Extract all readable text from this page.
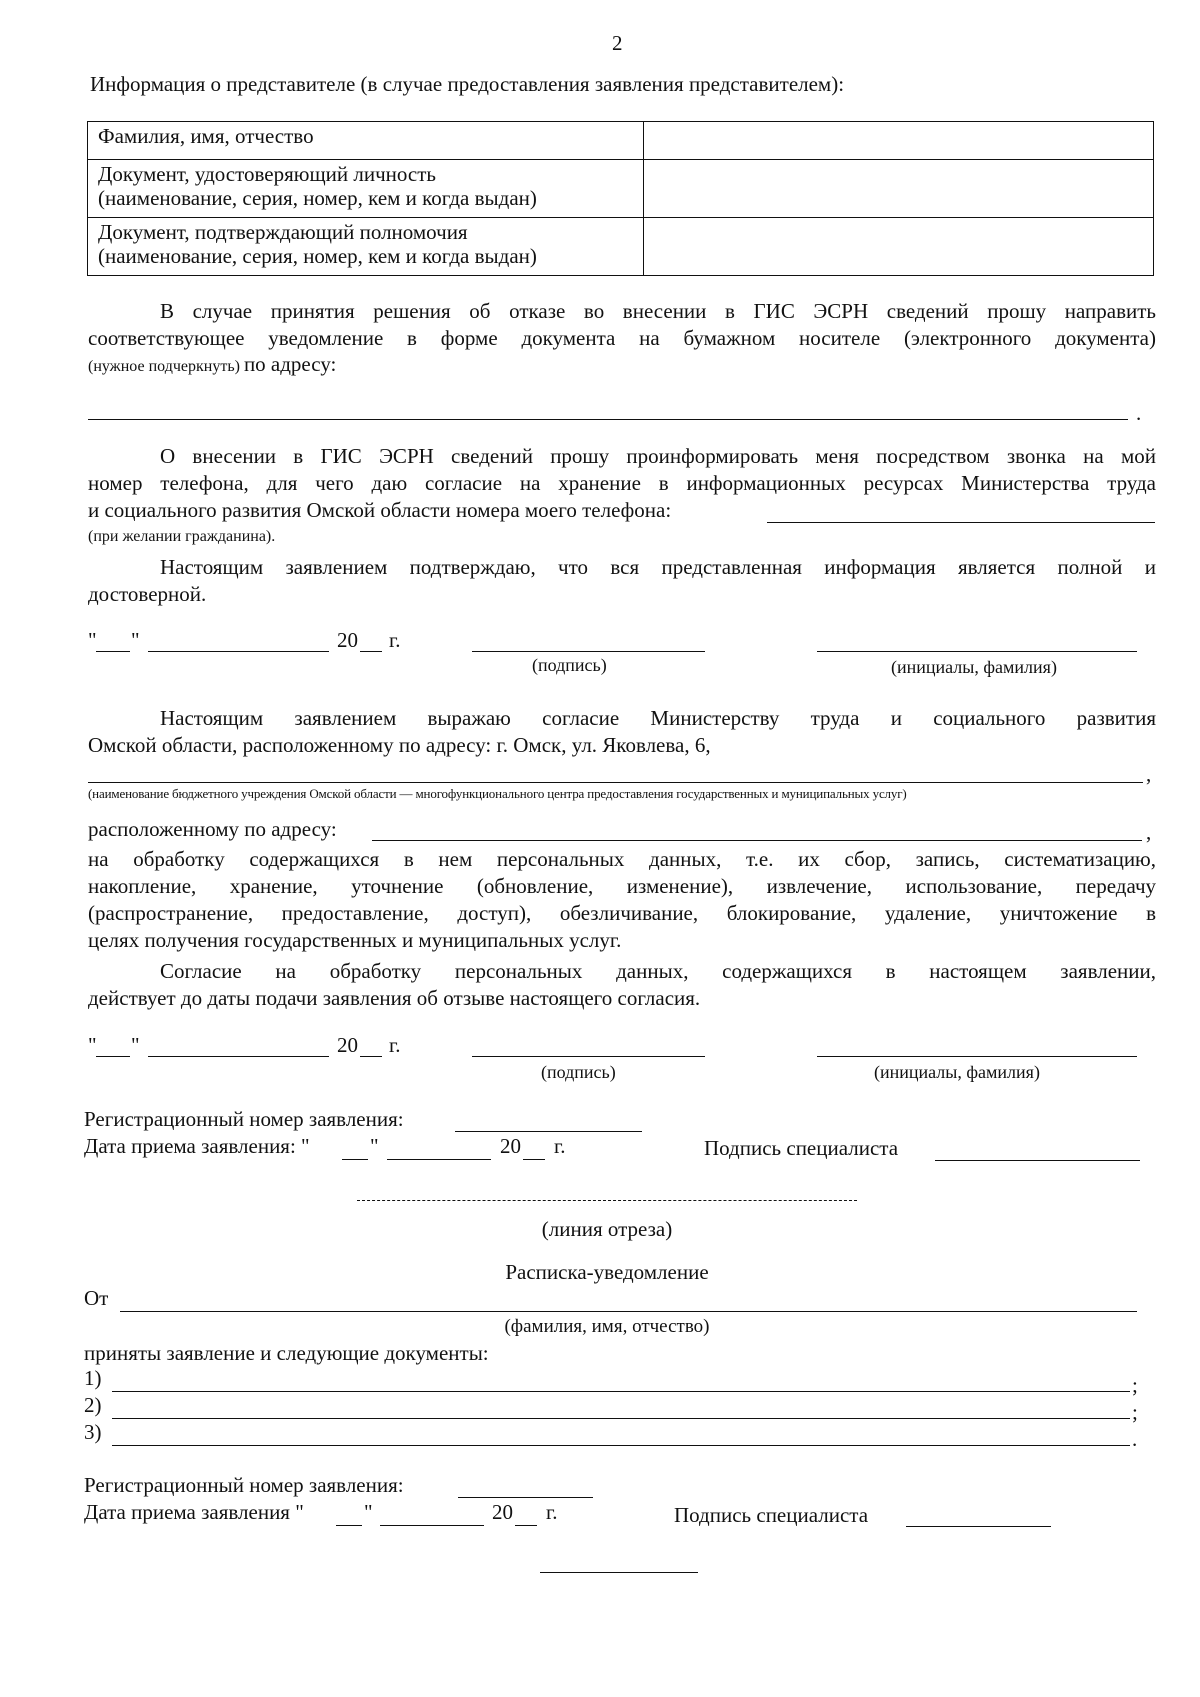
2
Информация о представителе (в случае предоставления заявления представителем):
Фамилия, имя, отчество	

Документ, удостоверяющий личность
(наименование, серия, номер, кем и когда выдан)	

Документ, подтверждающий полномочия
(наименование, серия, номер, кем и когда выдан)	

В случае принятия решения об отказе во внесении в ГИС ЭСРН сведений прошу направить
соответствующее уведомление в форме документа на бумажном носителе (электронного документа)
(нужное подчеркнуть) по адресу:
.
О внесении в ГИС ЭСРН сведений прошу проинформировать меня посредством звонка на мой
номер телефона, для чего даю согласие на хранение в информационных ресурсах Министерства труда
и социального развития Омской области номера моего телефона:
(при желании гражданина).
Настоящим заявлением подтверждаю, что вся представленная информация является полной и
достоверной.
" "	20 г.
(подпись)	(инициалы, фамилия)
Настоящим заявлением выражаю согласие Министерству труда и социального развития
Омской области, расположенному по адресу: г. Омск, ул. Яковлева, 6,
,
(наименование бюджетного учреждения Омской области — многофункционального центра предоставления государственных и муниципальных услуг)
расположенному по адресу:	,
на обработку содержащихся в нем персональных данных, т.е. их сбор, запись, систематизацию,
накопление, хранение, уточнение (обновление, изменение), извлечение, использование, передачу
(распространение, предоставление, доступ), обезличивание, блокирование, удаление, уничтожение в
целях получения государственных и муниципальных услуг.
Согласие на обработку персональных данных, содержащихся в настоящем заявлении,
действует до даты подачи заявления об отзыве настоящего согласия.
" "	20 г.
(подпись)	(инициалы, фамилия)
Регистрационный номер заявления:
Дата приема заявления: "	"	20 г.	Подпись специалиста
(линия отреза)
Расписка-уведомление
От
(фамилия, имя, отчество)
приняты заявление и следующие документы:
1)	;
2)	;
3)	.
Регистрационный номер заявления:
Дата приема заявления "	"	20 г.	Подпись специалиста
